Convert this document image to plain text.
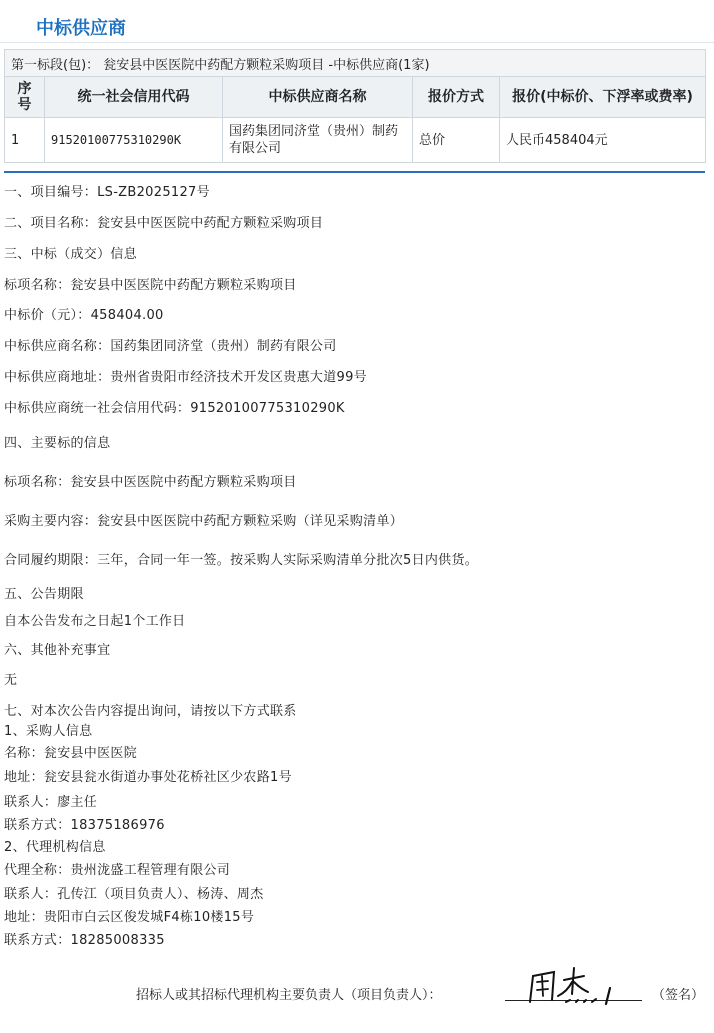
中标供应商
第一标段(包)： 瓮安县中医医院中药配方颗粒采购项目 -中标供应商(1家)				
序号	统一社会信用代码	中标供应商名称	报价方式	报价(中标价、下浮率或费率)
1	91520100775310290K	国药集团同济堂（贵州）制药有限公司	总价	人民币458404元
一、项目编号：LS-ZB2025127号
二、项目名称：瓮安县中医医院中药配方颗粒采购项目
三、中标（成交）信息
标项名称：瓮安县中医医院中药配方颗粒采购项目
中标价（元）：458404.00
中标供应商名称：国药集团同济堂（贵州）制药有限公司
中标供应商地址：贵州省贵阳市经济技术开发区贵惠大道99号
中标供应商统一社会信用代码：91520100775310290K
四、主要标的信息
标项名称：瓮安县中医医院中药配方颗粒采购项目
采购主要内容：瓮安县中医医院中药配方颗粒采购（详见采购清单）
合同履约期限：三年，合同一年一签。按采购人实际采购清单分批次5日内供货。
五、公告期限
自本公告发布之日起1个工作日
六、其他补充事宜
无
七、对本次公告内容提出询问，请按以下方式联系
1、采购人信息
名称：瓮安县中医医院
地址：瓮安县瓮水街道办事处花桥社区少农路1号
联系人：廖主任
联系方式：18375186976
2、代理机构信息
代理全称：贵州泷盛工程管理有限公司
联系人：孔传江（项目负责人）、杨涛、周杰
地址：贵阳市白云区俊发城F4栋10楼15号
联系方式：18285008335
招标人或其招标代理机构主要负责人（项目负责人）：	（签名）
